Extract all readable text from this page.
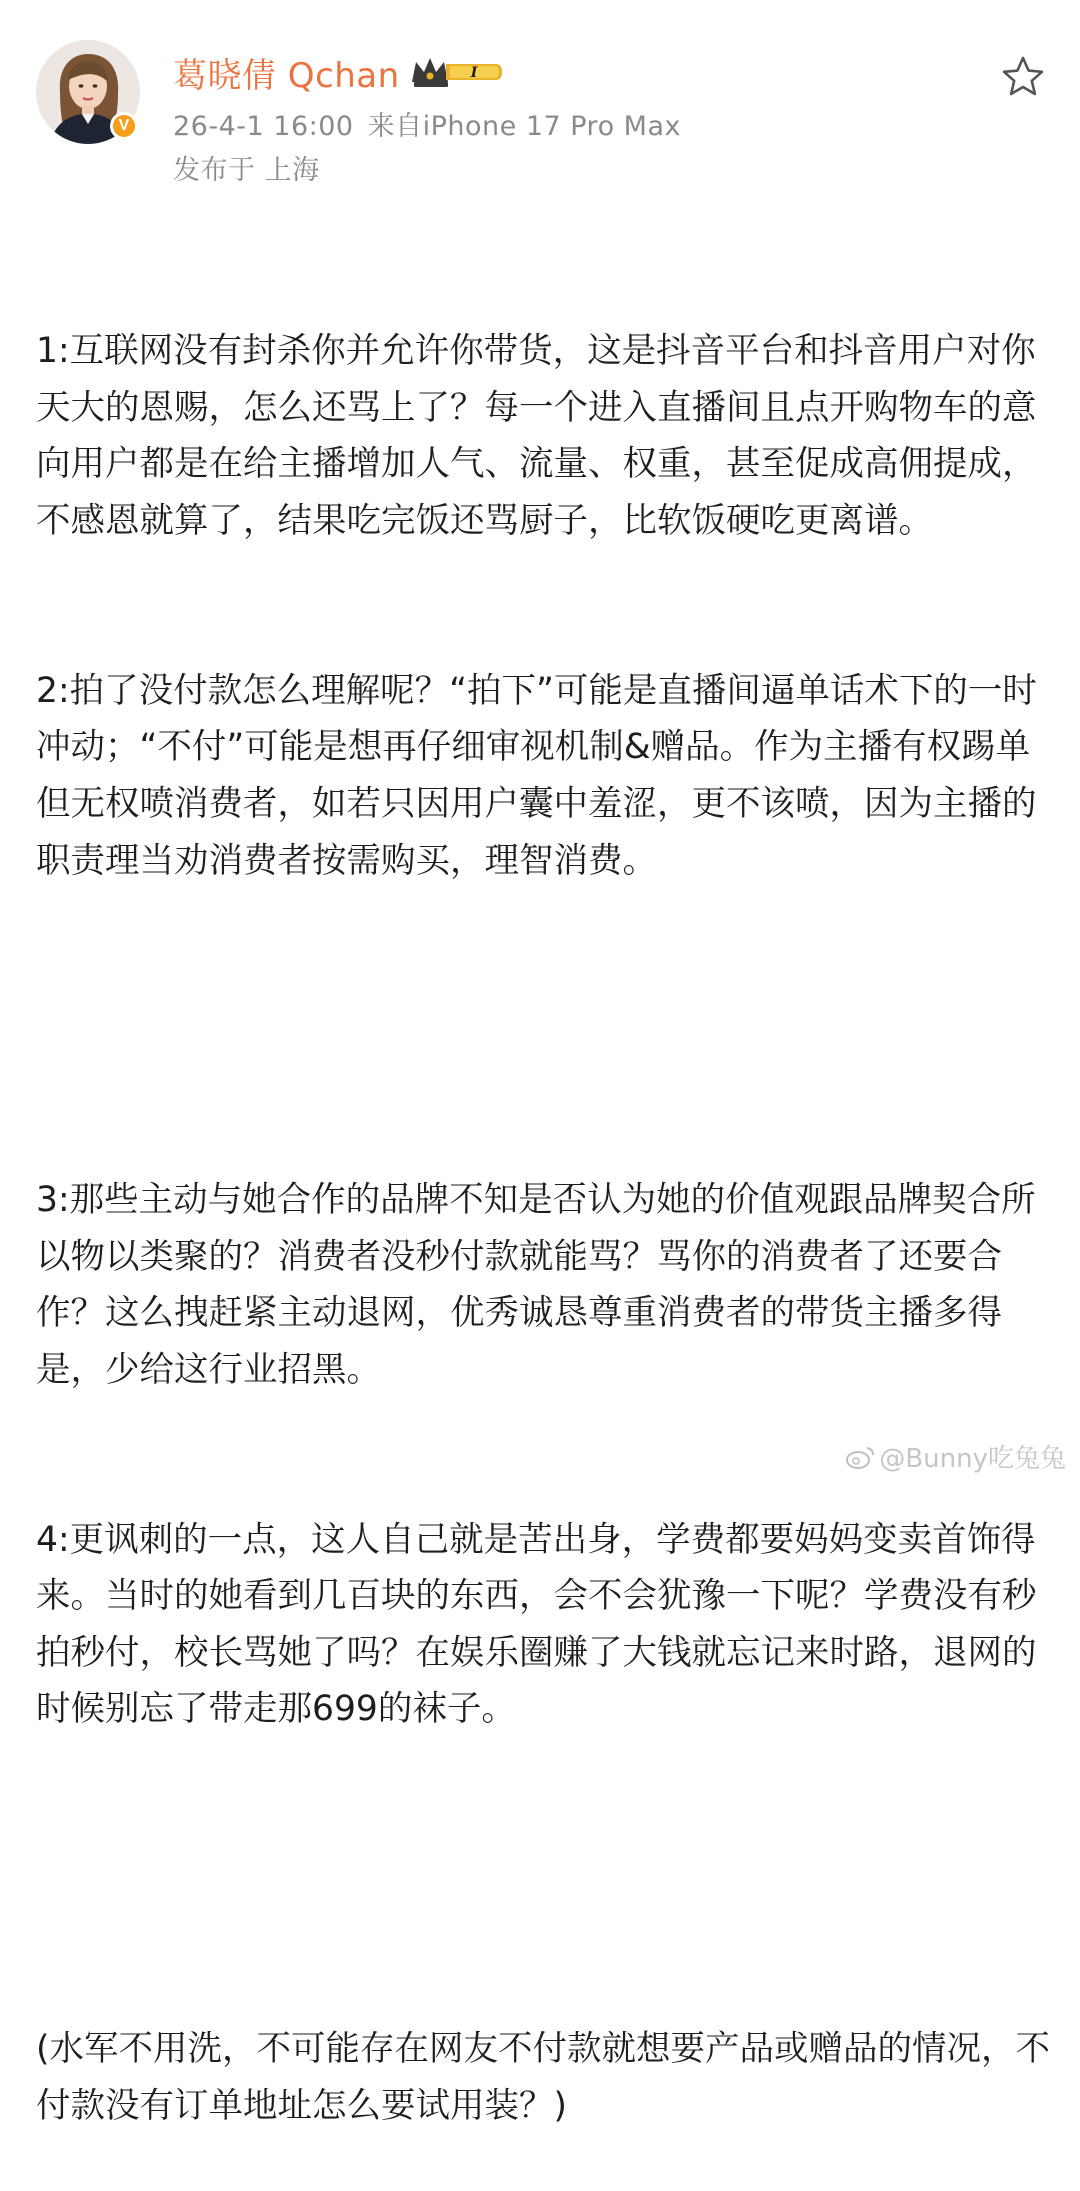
V
葛晓倩 Qchan	I
26-4-1 16:00 来自iPhone 17 Pro Max
发布于 上海

1:互联网没有封杀你并允许你带货，这是抖音平台和抖音用户对你天大的恩赐，怎么还骂上了？每一个进入直播间且点开购物车的意向用户都是在给主播增加人气、流量、权重，甚至促成高佣提成，不感恩就算了，结果吃完饭还骂厨子，比软饭硬吃更离谱。

2:拍了没付款怎么理解呢？“拍下”可能是直播间逼单话术下的一时冲动；“不付”可能是想再仔细审视机制&赠品。作为主播有权踢单但无权喷消费者，如若只因用户囊中羞涩，更不该喷，因为主播的职责理当劝消费者按需购买，理智消费。

3:那些主动与她合作的品牌不知是否认为她的价值观跟品牌契合所以物以类聚的？消费者没秒付款就能骂？骂你的消费者了还要合作？这么拽赶紧主动退网，优秀诚恳尊重消费者的带货主播多得是，少给这行业招黑。

4:更讽刺的一点，这人自己就是苦出身，学费都要妈妈变卖首饰得来。当时的她看到几百块的东西，会不会犹豫一下呢？学费没有秒拍秒付，校长骂她了吗？在娱乐圈赚了大钱就忘记来时路，退网的时候别忘了带走那699的袜子。

(水军不用洗，不可能存在网友不付款就想要产品或赠品的情况，不付款没有订单地址怎么要试用装？)

@Bunny吃兔兔
